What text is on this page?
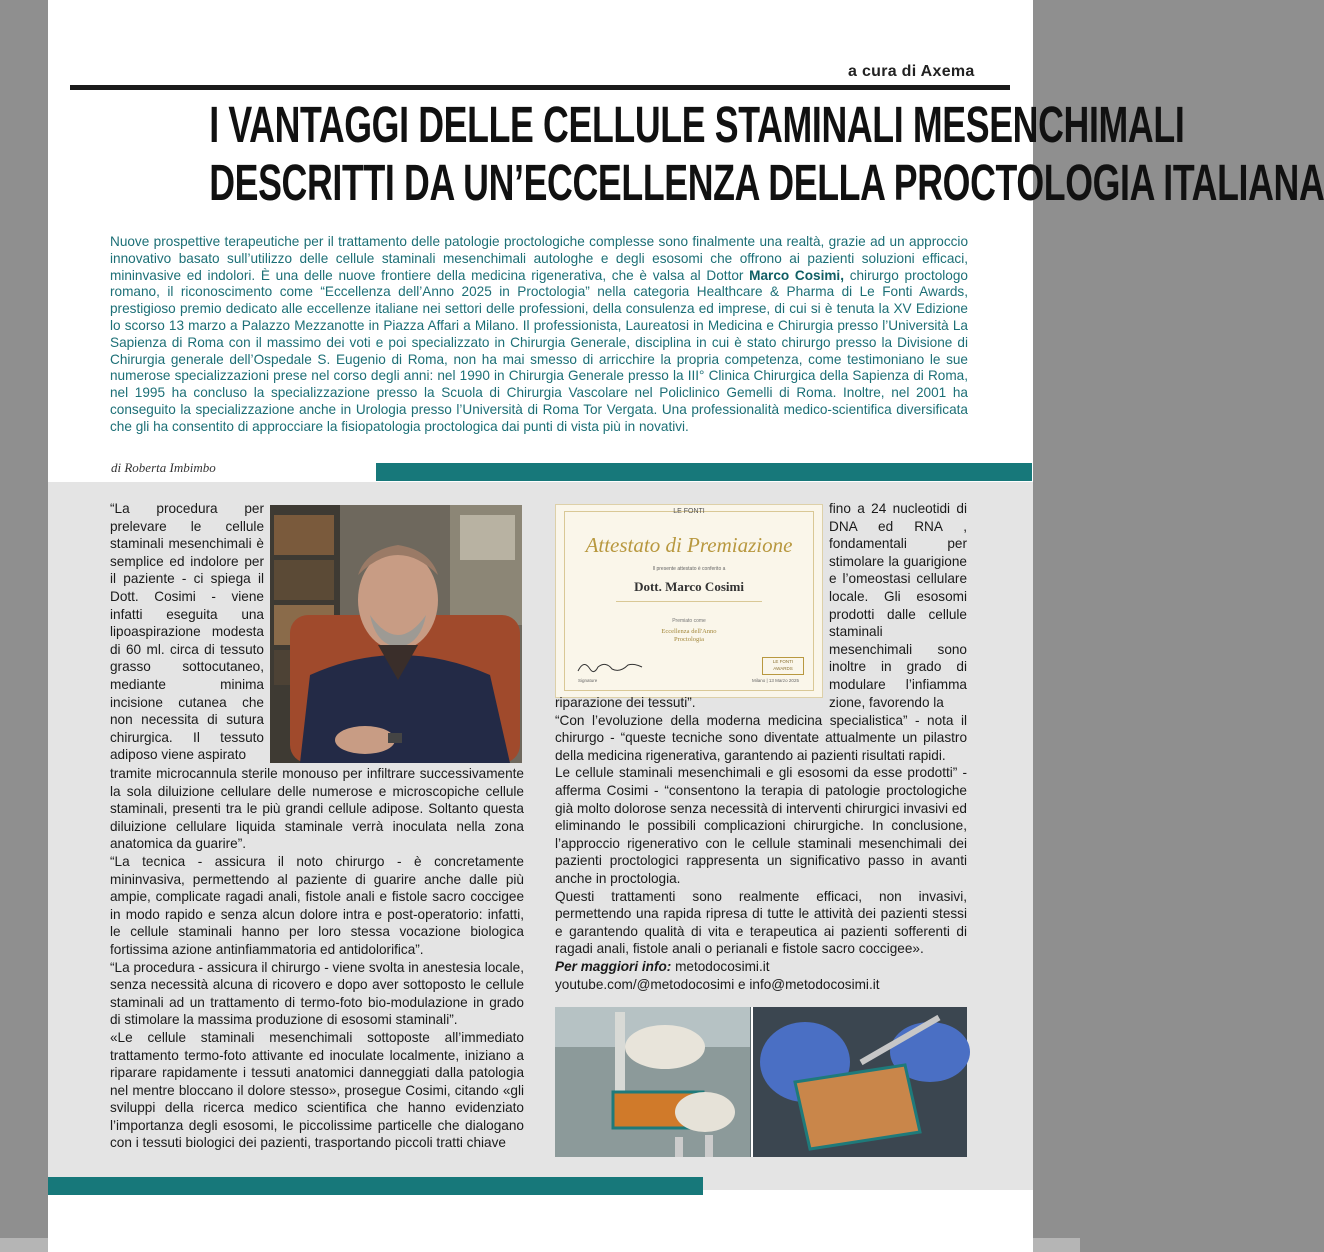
a cura di Axema
I VANTAGGI DELLE CELLULE STAMINALI MESENCHIMALI
DESCRITTI DA UN’ECCELLENZA DELLA PROCTOLOGIA ITALIANA
Nuove prospettive terapeutiche per il trattamento delle patologie proctologiche complesse sono finalmente una realtà, grazie ad un approccio innovativo basato sull’utilizzo delle cellule staminali mesenchimali autologhe e degli esosomi che offrono ai pazienti soluzioni efficaci, mininvasive ed indolori. È una delle nuove frontiere della medicina rigenerativa, che è valsa al Dottor Marco Cosimi, chirurgo proctologo romano, il riconoscimento come “Eccellenza dell’Anno 2025 in Proctologia” nella categoria Healthcare & Pharma di Le Fonti Awards, prestigioso premio dedicato alle eccellenze italiane nei settori delle professioni, della consulenza ed imprese, di cui si è tenuta la XV Edizione lo scorso 13 marzo a Palazzo Mezzanotte in Piazza Affari a Milano. Il professionista, Laureatosi in Medicina e Chirurgia presso l’Università La Sapienza di Roma con il massimo dei voti e poi specializzato in Chirurgia Generale, disciplina in cui è stato chirurgo presso la Divisione di Chirurgia generale dell’Ospedale S. Eugenio di Roma, non ha mai smesso di arricchire la propria competenza, come testimoniano le sue numerose specializzazioni prese nel corso degli anni: nel 1990 in Chirurgia Generale presso la III° Clinica Chirurgica della Sapienza di Roma, nel 1995 ha concluso la specializzazione presso la Scuola di Chirurgia Vascolare nel Policlinico Gemelli di Roma. Inoltre, nel 2001 ha conseguito la specializzazione anche in Urologia presso l’Università di Roma Tor Vergata. Una professionalità medico-scientifica diversificata che gli ha consentito di approcciare la fisiopatologia proctologica dai punti di vista più in novativi.
di Roberta Imbimbo
LE FONTI
Attestato di Premiazione
Il presente attestato è conferito a
Dott. Marco Cosimi
Premiato come
Eccellenza dell'Anno
Proctologia
Signature
LE FONTI
AWARDS
Milano | 13 Marzo 2025

“La procedura per prelevare le cellule staminali mesenchimali è semplice ed indolore per il paziente - ci spiega il Dott. Cosimi - viene infatti eseguita una lipoaspirazione modesta di 60 ml. circa di tessuto grasso sottocutaneo, mediante minima incisione cutanea che non necessita di sutura chirurgica. Il tessuto adiposo viene aspirato

tramite microcannula sterile monouso per infiltrare successivamente la sola diluizione cellulare delle numerose e microscopiche cellule staminali, presenti tra le più grandi cellule adipose. Soltanto questa diluizione cellulare liquida staminale verrà inoculata nella zona anatomica da guarire”.

“La tecnica - assicura il noto chirurgo - è concretamente mininvasiva, permettendo al paziente di guarire anche dalle più ampie, complicate ragadi anali, fistole anali e fistole sacro coccigee in modo rapido e senza alcun dolore intra e post-operatorio: infatti, le cellule staminali hanno per loro stessa vocazione biologica fortissima azione antinfiammatoria ed antidolorifica”.

“La procedura - assicura il chirurgo - viene svolta in anestesia locale, senza necessità alcuna di ricovero e dopo aver sottoposto le cellule staminali ad un trattamento di termo-foto bio-modulazione in grado di stimolare la massima produzione di esosomi staminali”.

«Le cellule staminali mesenchimali sottoposte all’immediato trattamento termo-foto attivante ed inoculate localmente, iniziano a riparare rapidamente i tessuti anatomici danneggiati dalla patologia nel mentre bloccano il dolore stesso», prosegue Cosimi, citando «gli sviluppi della ricerca medico scientifica che hanno evidenziato l’importanza degli esosomi, le piccolissime particelle che dialogano con i tessuti biologici dei pazienti, trasportando piccoli tratti chiave

fino a 24 nucleotidi di DNA ed RNA , fondamentali per stimolare la guarigione e l’omeostasi cellulare locale. Gli esosomi prodotti dalle cellule staminali mesenchimali sono inoltre in grado di modulare l’infiamma zione, favorendo la

riparazione dei tessuti”.

“Con l’evoluzione della moderna medicina specialistica” - nota il chirurgo - “queste tecniche sono diventate attualmente un pilastro della medicina rigenerativa, garantendo ai pazienti risultati rapidi.

Le cellule staminali mesenchimali e gli esosomi da esse prodotti” - afferma Cosimi - “consentono la terapia di patologie proctologiche già molto dolorose senza necessità di interventi chirurgici invasivi ed eliminando le possibili complicazioni chirurgiche. In conclusione, l’approccio rigenerativo con le cellule staminali mesenchimali dei pazienti proctologici rappresenta un significativo passo in avanti anche in proctologia.

Questi trattamenti sono realmente efficaci, non invasivi, permettendo una rapida ripresa di tutte le attività dei pazienti stessi e garantendo qualità di vita e terapeutica ai pazienti sofferenti di ragadi anali, fistole anali o perianali e fistole sacro coccigee».

Per maggiori info: metodocosimi.it

youtube.com/@metodocosimi e info@metodocosimi.it
